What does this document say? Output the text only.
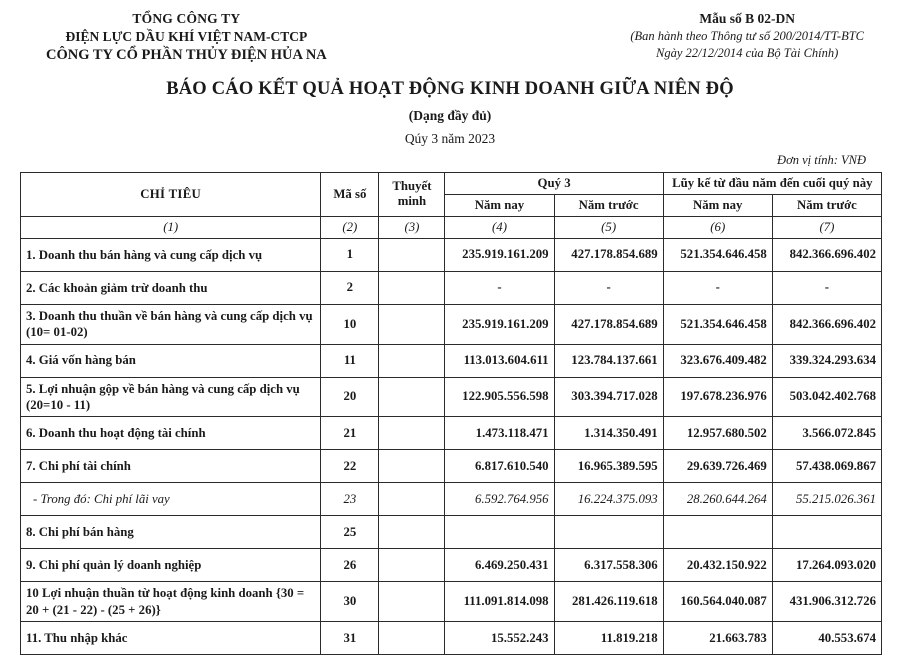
TỔNG CÔNG TY
ĐIỆN LỰC DẦU KHÍ VIỆT NAM-CTCP
CÔNG TY CỔ PHẦN THỦY ĐIỆN HỦA NA
Mẫu số B 02-DN
(Ban hành theo Thông tư số 200/2014/TT-BTC
Ngày 22/12/2014 của Bộ Tài Chính)
BÁO CÁO KẾT QUẢ HOẠT ĐỘNG KINH DOANH GIỮA NIÊN ĐỘ
(Dạng đầy đủ)
Qúy 3 năm 2023
Đơn vị tính: VNĐ
CHỈ TIÊU	Mã số	Thuyết minh	Quý 3		Lũy kế từ đầu năm đến cuối quý này	
			Năm nay	Năm trước	Năm nay	Năm trước
(1)	(2)	(3)	(4)	(5)	(6)	(7)
1. Doanh thu bán hàng và cung cấp dịch vụ	1		235.919.161.209	427.178.854.689	521.354.646.458	842.366.696.402
2. Các khoản giảm trừ doanh thu	2		-	-	-	-
3. Doanh thu thuần về bán hàng và cung cấp dịch vụ (10= 01-02)	10		235.919.161.209	427.178.854.689	521.354.646.458	842.366.696.402
4. Giá vốn hàng bán	11		113.013.604.611	123.784.137.661	323.676.409.482	339.324.293.634
5. Lợi nhuận gộp về bán hàng và cung cấp dịch vụ (20=10 - 11)	20		122.905.556.598	303.394.717.028	197.678.236.976	503.042.402.768
6. Doanh thu hoạt động tài chính	21		1.473.118.471	1.314.350.491	12.957.680.502	3.566.072.845
7. Chi phí tài chính	22		6.817.610.540	16.965.389.595	29.639.726.469	57.438.069.867
- Trong đó: Chi phí lãi vay	23		6.592.764.956	16.224.375.093	28.260.644.264	55.215.026.361
8. Chi phí bán hàng	25					
9. Chi phí quản lý doanh nghiệp	26		6.469.250.431	6.317.558.306	20.432.150.922	17.264.093.020
10 Lợi nhuận thuần từ hoạt động kinh doanh {30 = 20 + (21 - 22) - (25 + 26)}	30		111.091.814.098	281.426.119.618	160.564.040.087	431.906.312.726
11. Thu nhập khác	31		15.552.243	11.819.218	21.663.783	40.553.674
